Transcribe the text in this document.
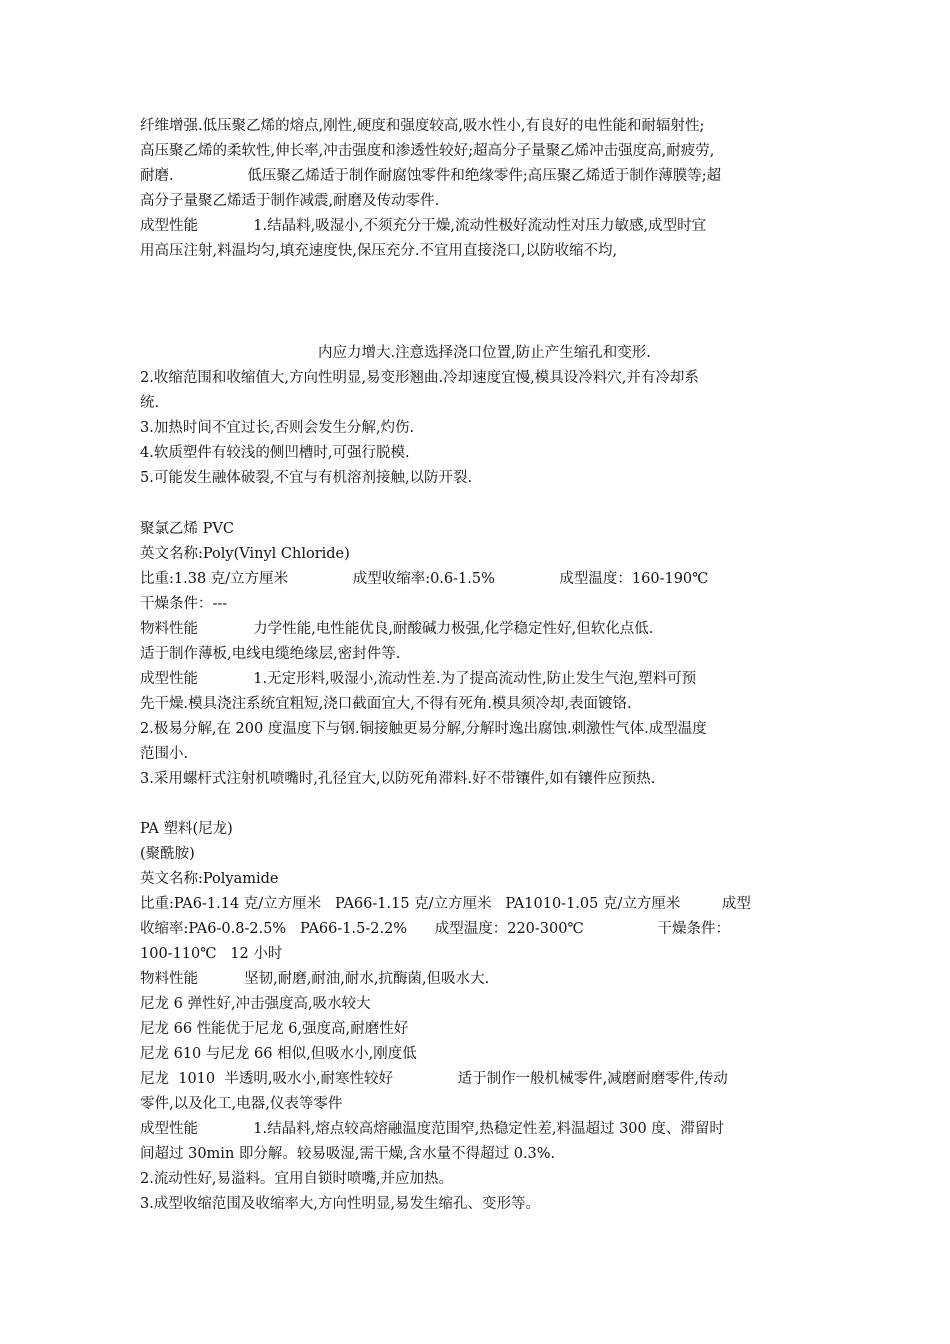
纤维增强.低压聚乙烯的熔点,刚性,硬度和强度较高,吸水性小,有良好的电性能和耐辐射性;
高压聚乙烯的柔软性,伸长率,冲击强度和渗透性较好;超高分子量聚乙烯冲击强度高,耐疲劳,
耐磨.                低压聚乙烯适于制作耐腐蚀零件和绝缘零件;高压聚乙烯适于制作薄膜等;超
高分子量聚乙烯适于制作减震,耐磨及传动零件.
成型性能            1.结晶料,吸湿小,不须充分干燥,流动性极好流动性对压力敏感,成型时宜
用高压注射,料温均匀,填充速度快,保压充分.不宜用直接浇口,以防收缩不均,
内应力增大.注意选择浇口位置,防止产生缩孔和变形.
2.收缩范围和收缩值大,方向性明显,易变形翘曲.冷却速度宜慢,模具设冷料穴,并有冷却系
统.
3.加热时间不宜过长,否则会发生分解,灼伤.
4.软质塑件有较浅的侧凹槽时,可强行脱模.
5.可能发生融体破裂,不宜与有机溶剂接触,以防开裂.
聚氯乙烯 PVC
英文名称:Poly(Vinyl Chloride)
比重:1.38 克/立方厘米              成型收缩率:0.6-1.5%              成型温度：160-190℃
干燥条件：---
物料性能            力学性能,电性能优良,耐酸碱力极强,化学稳定性好,但软化点低.
适于制作薄板,电线电缆绝缘层,密封件等.
成型性能            1.无定形料,吸湿小,流动性差.为了提高流动性,防止发生气泡,塑料可预
先干燥.模具浇注系统宜粗短,浇口截面宜大,不得有死角.模具须冷却,表面镀铬.
2.极易分解,在 200 度温度下与钢.铜接触更易分解,分解时逸出腐蚀.刺激性气体.成型温度
范围小.
3.采用螺杆式注射机喷嘴时,孔径宜大,以防死角滞料.好不带镶件,如有镶件应预热.
PA 塑料(尼龙)
(聚酰胺)
英文名称:Polyamide
比重:PA6-1.14 克/立方厘米   PA66-1.15 克/立方厘米   PA1010-1.05 克/立方厘米         成型
收缩率:PA6-0.8-2.5%   PA66-1.5-2.2%      成型温度：220-300℃                干燥条件：
100-110℃   12 小时
物料性能          坚韧,耐磨,耐油,耐水,抗酶菌,但吸水大.
尼龙 6 弹性好,冲击强度高,吸水较大
尼龙 66 性能优于尼龙 6,强度高,耐磨性好
尼龙 610 与尼龙 66 相似,但吸水小,刚度低
尼龙  1010  半透明,吸水小,耐寒性较好              适于制作一般机械零件,减磨耐磨零件,传动
零件,以及化工,电器,仪表等零件
成型性能            1.结晶料,熔点较高熔融温度范围窄,热稳定性差,料温超过 300 度、滞留时
间超过 30min 即分解。较易吸湿,需干燥,含水量不得超过 0.3%.
2.流动性好,易溢料。宜用自锁时喷嘴,并应加热。
3.成型收缩范围及收缩率大,方向性明显,易发生缩孔、变形等。
